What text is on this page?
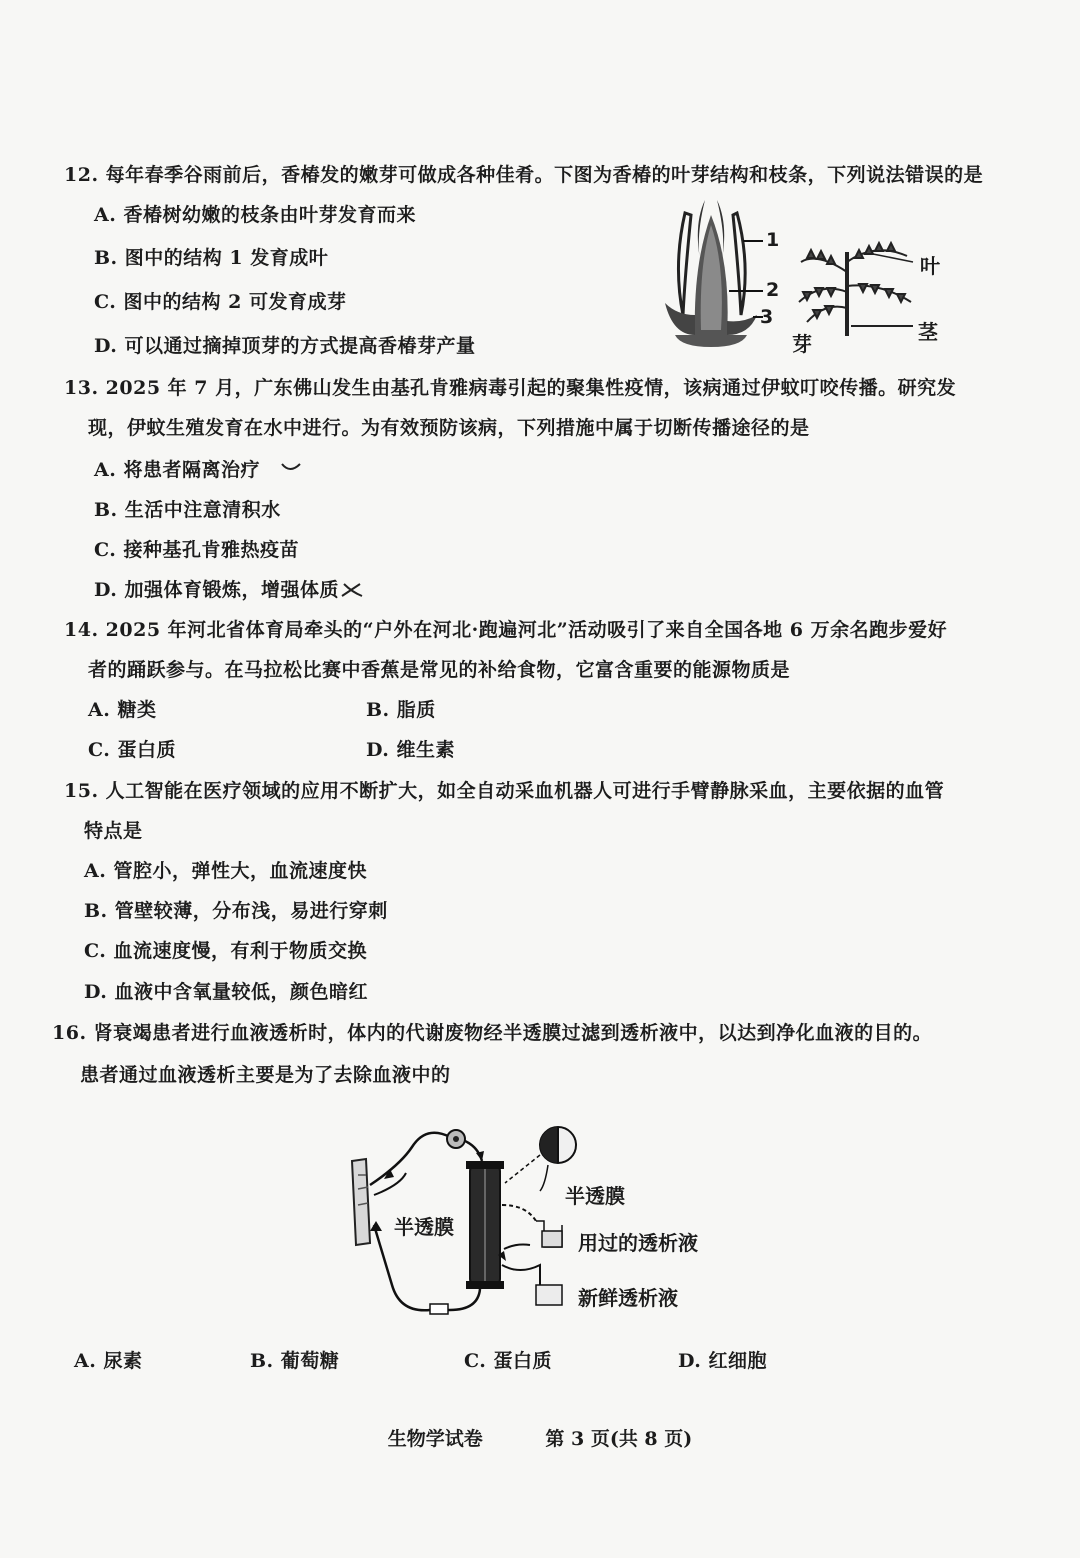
12. 每年春季谷雨前后，香椿发的嫩芽可做成各种佳肴。下图为香椿的叶芽结构和枝条，下列说法错误的是
A. 香椿树幼嫩的枝条由叶芽发育而来
B. 图中的结构 1 发育成叶
C. 图中的结构 2 可发育成芽
D. 可以通过摘掉顶芽的方式提高香椿芽产量
1
2
3
叶
茎
芽
13. 2025 年 7 月，广东佛山发生由基孔肯雅病毒引起的聚集性疫情，该病通过伊蚊叮咬传播。研究发
现，伊蚊生殖发育在水中进行。为有效预防该病，下列措施中属于切断传播途径的是
A. 将患者隔离治疗
B. 生活中注意清积水
C. 接种基孔肯雅热疫苗
D. 加强体育锻炼，增强体质
14. 2025 年河北省体育局牵头的“户外在河北·跑遍河北”活动吸引了来自全国各地 6 万余名跑步爱好
者的踊跃参与。在马拉松比赛中香蕉是常见的补给食物，它富含重要的能源物质是
A. 糖类	B. 脂质
C. 蛋白质	D. 维生素
15. 人工智能在医疗领域的应用不断扩大，如全自动采血机器人可进行手臂静脉采血，主要依据的血管
特点是
A. 管腔小，弹性大，血流速度快
B. 管壁较薄，分布浅，易进行穿刺
C. 血流速度慢，有利于物质交换
D. 血液中含氧量较低，颜色暗红
16. 肾衰竭患者进行血液透析时，体内的代谢废物经半透膜过滤到透析液中，以达到净化血液的目的。
患者通过血液透析主要是为了去除血液中的
半透膜
半透膜
用过的透析液
新鲜透析液
A. 尿素	B. 葡萄糖	C. 蛋白质	D. 红细胞
生物学试卷	第 3 页(共 8 页)
